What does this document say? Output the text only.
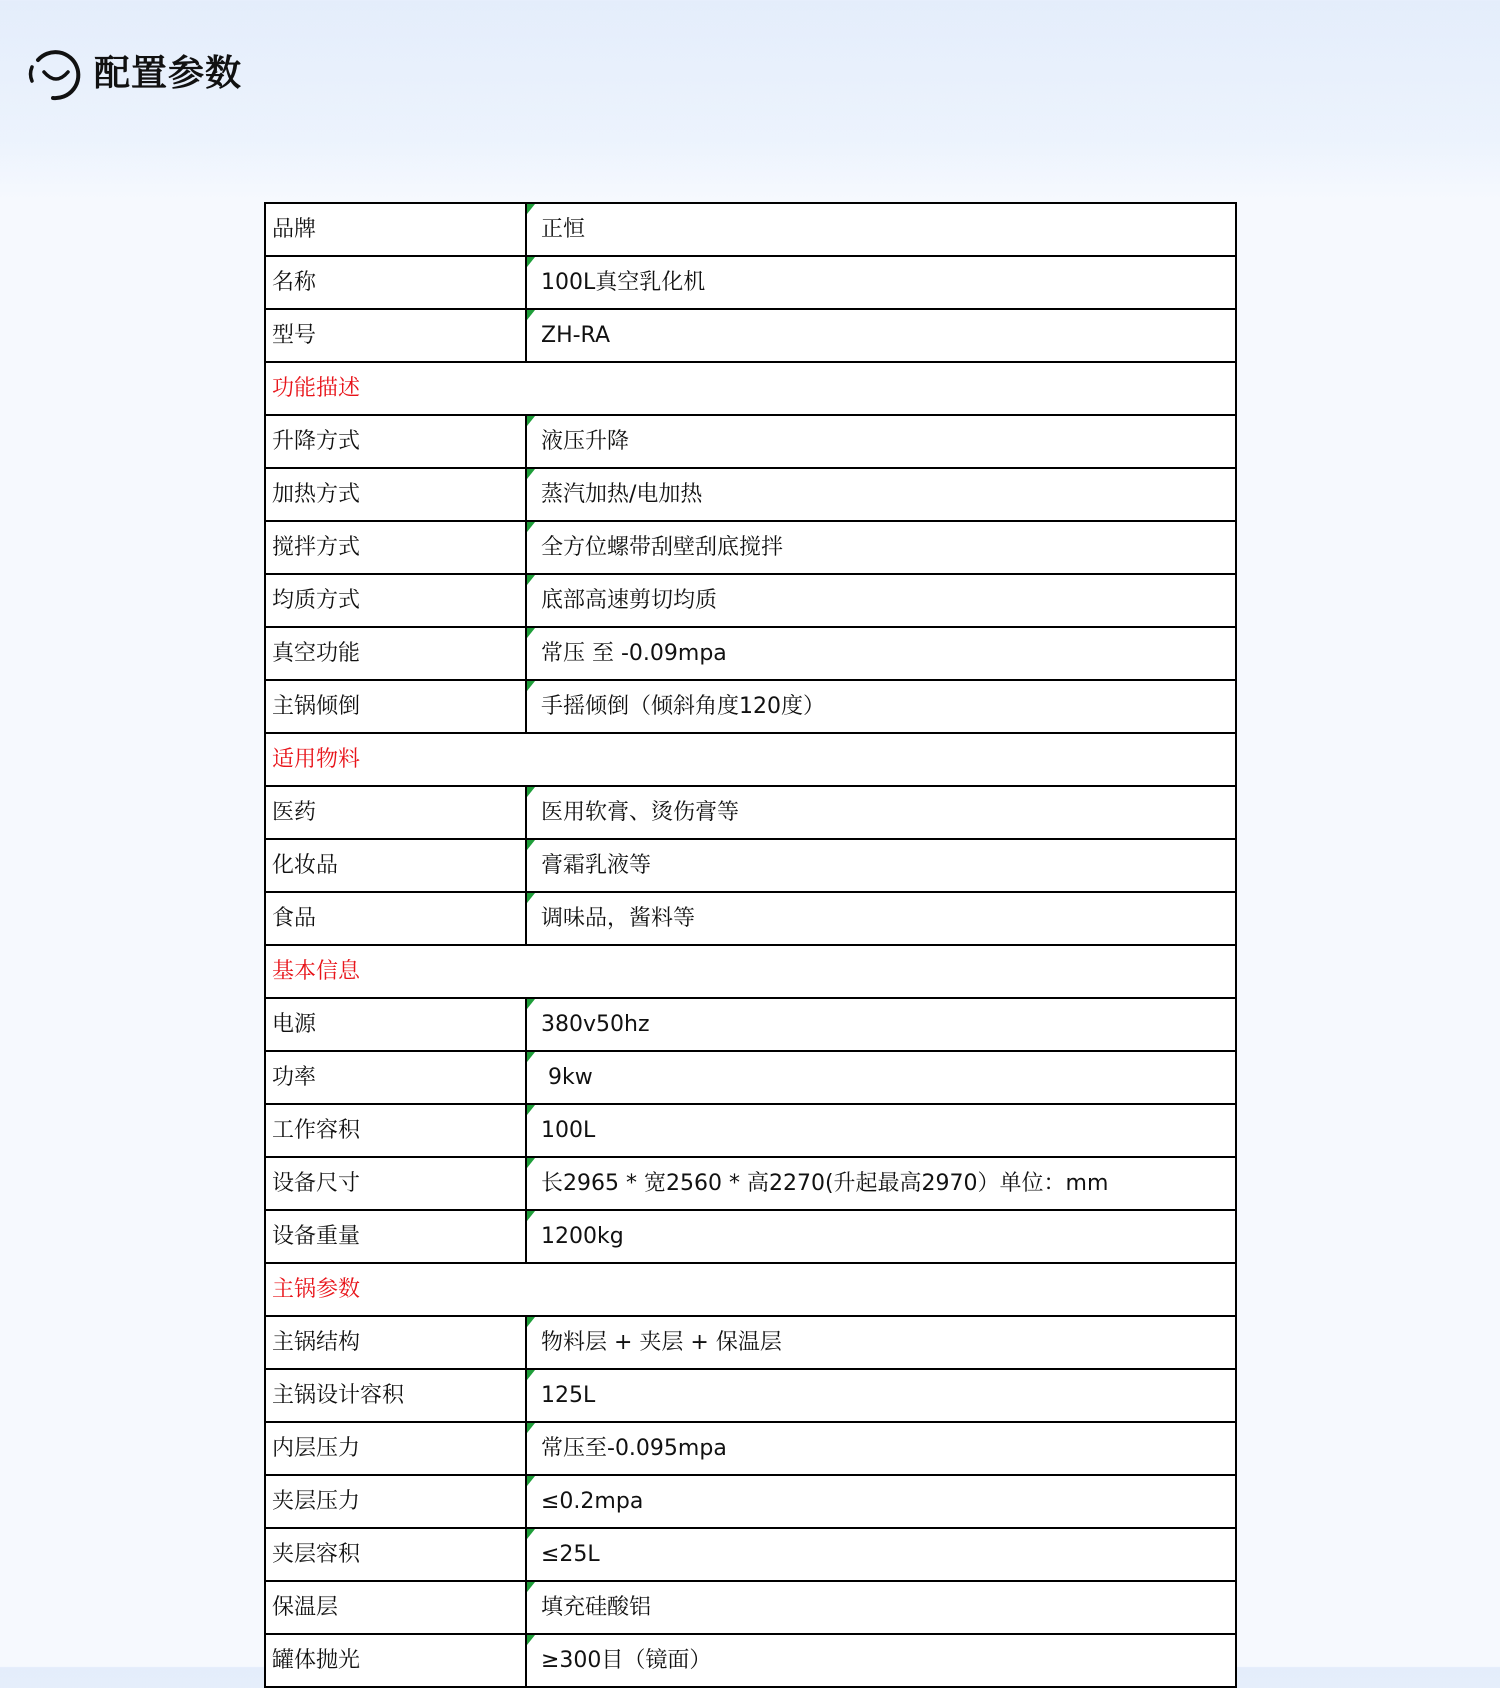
配置参数
品牌	正恒
名称	100L真空乳化机
型号	ZH-RA
功能描述	
升降方式	液压升降
加热方式	蒸汽加热/电加热
搅拌方式	全方位螺带刮壁刮底搅拌
均质方式	底部高速剪切均质
真空功能	常压 至 -0.09mpa
主锅倾倒	手摇倾倒（倾斜角度120度）
适用物料	
医药	医用软膏、烫伤膏等
化妆品	膏霜乳液等
食品	调味品，酱料等
基本信息	
电源	380v50hz
功率	9kw
工作容积	100L
设备尺寸	长2965 * 宽2560 * 高2270(升起最高2970）单位：mm
设备重量	1200kg
主锅参数	
主锅结构	物料层 + 夹层 + 保温层
主锅设计容积	125L
内层压力	常压至-0.095mpa
夹层压力	≤0.2mpa
夹层容积	≤25L
保温层	填充硅酸铝
罐体抛光	≥300目（镜面）
